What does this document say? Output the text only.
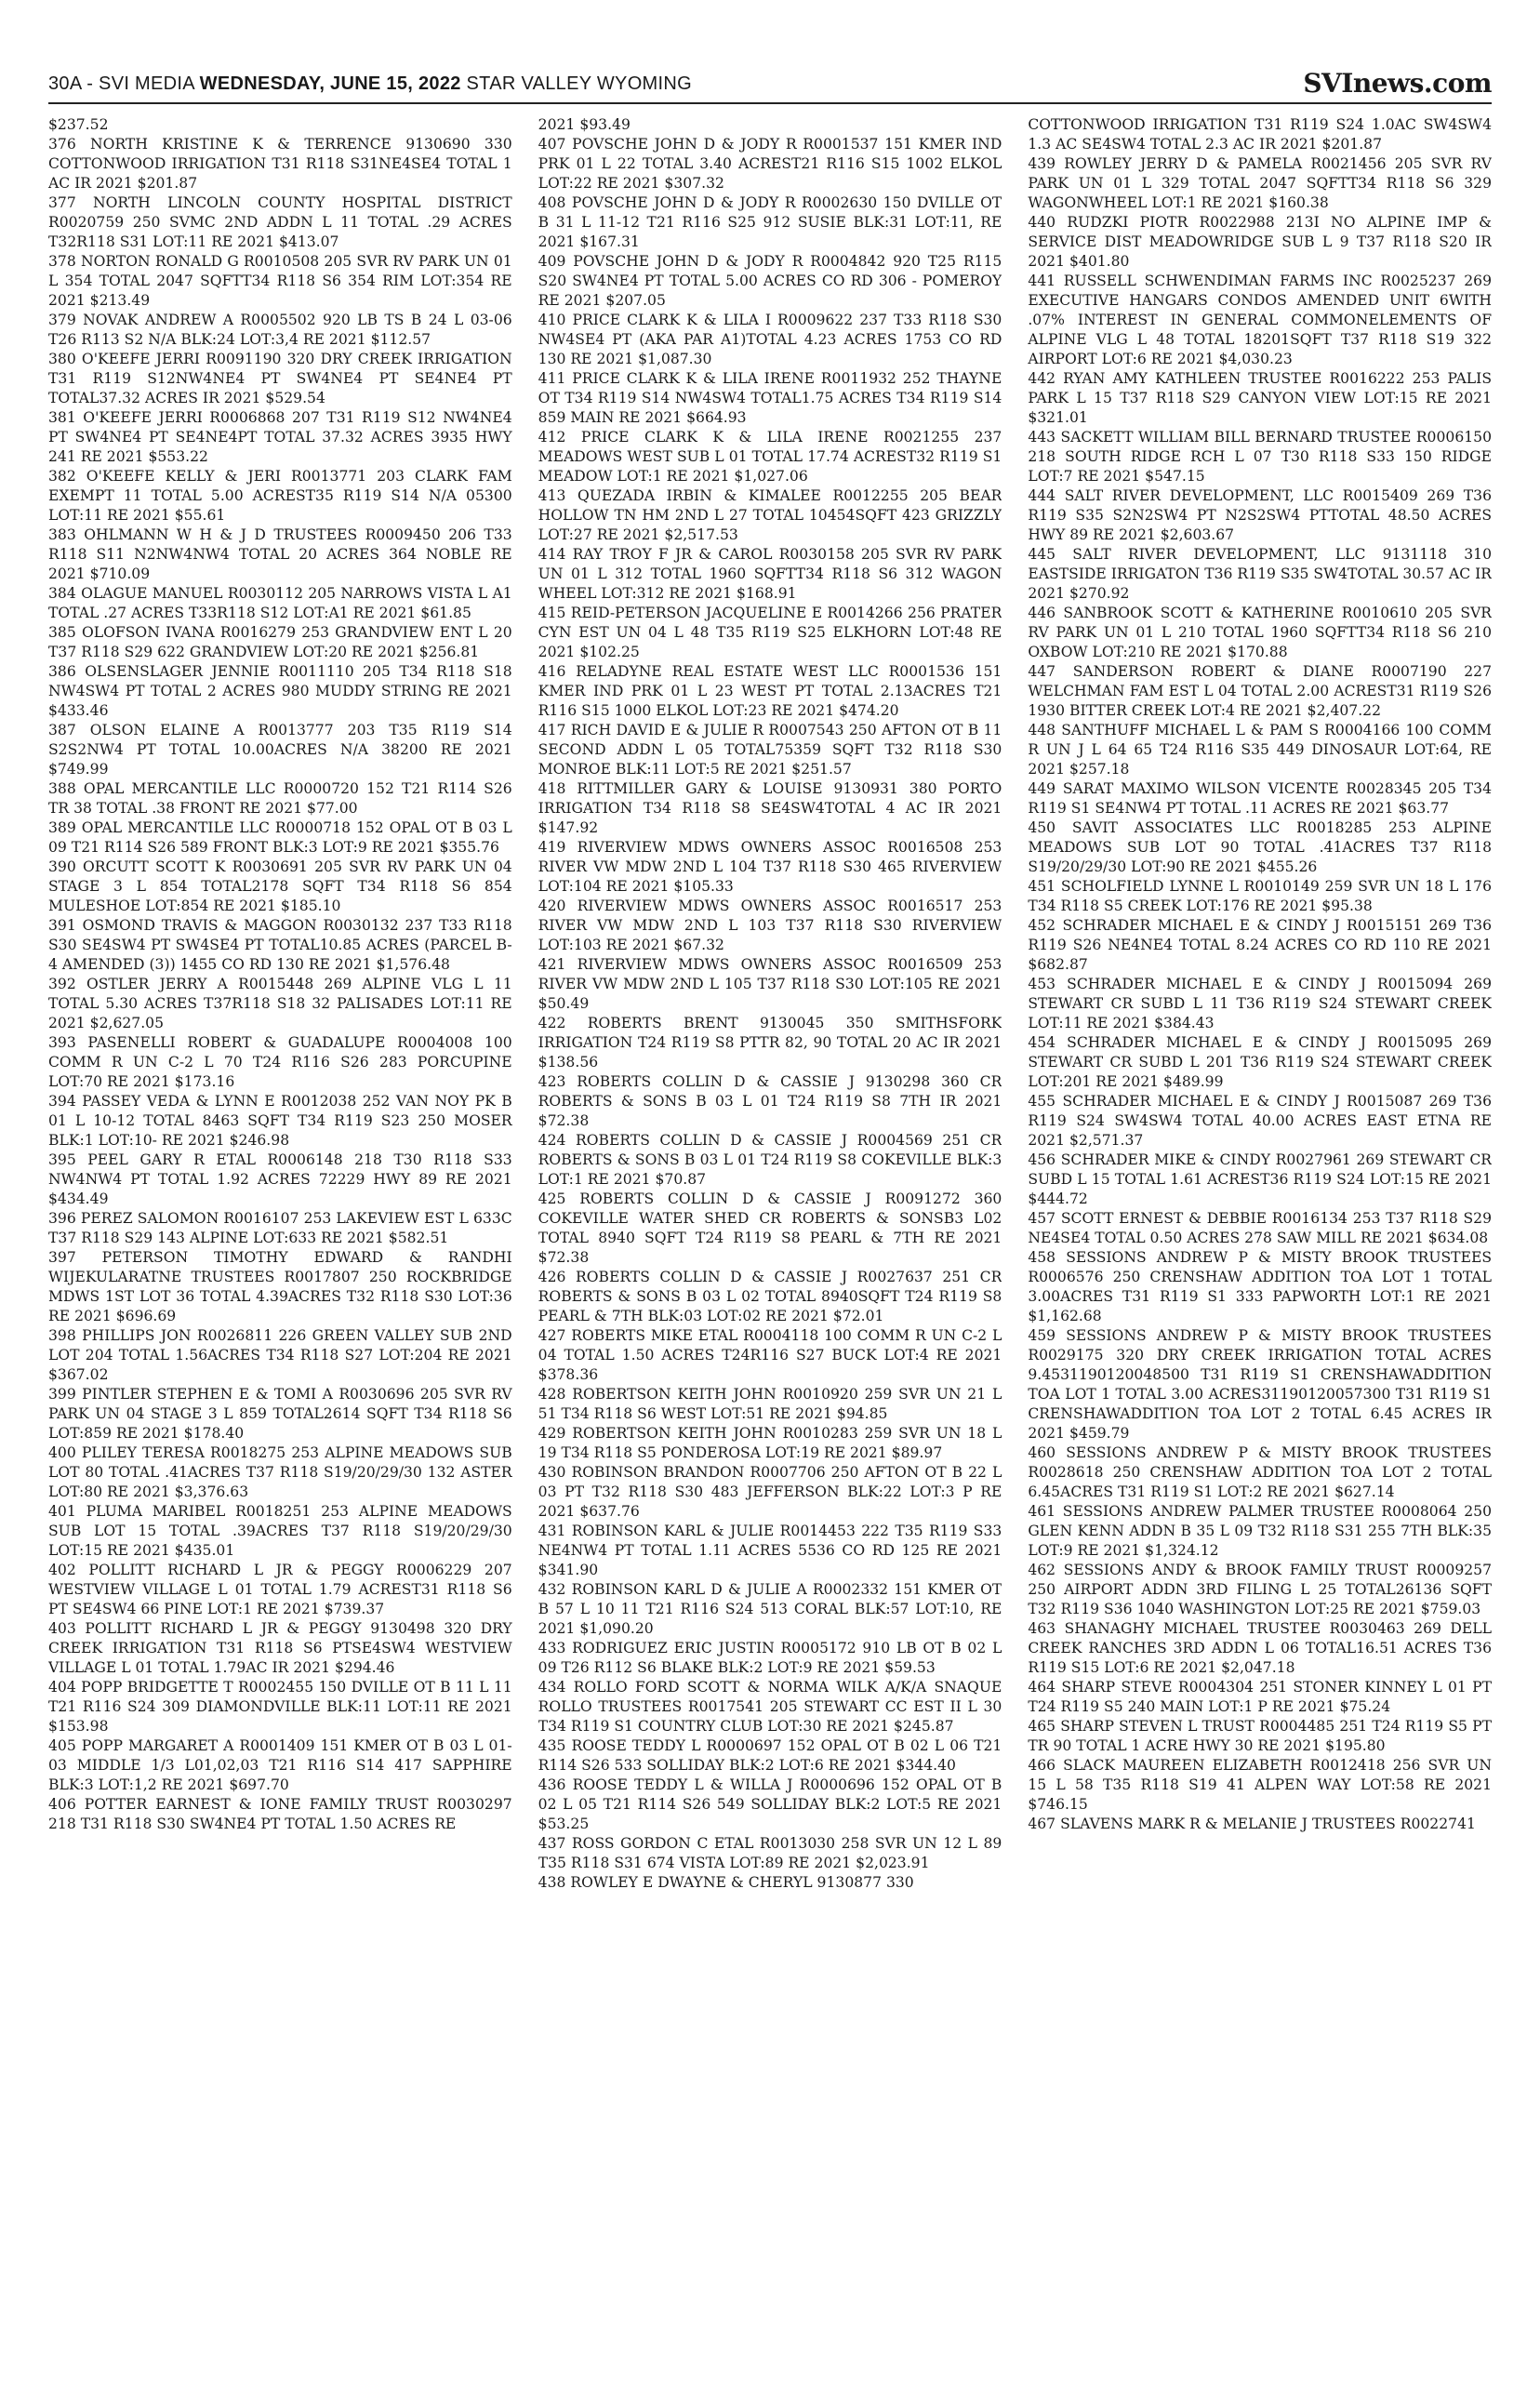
30A - SVI MEDIA WEDNESDAY, JUNE 15, 2022 STAR VALLEY WYOMING	SVInews.com

$237.52

376 NORTH KRISTINE K & TERRENCE 9130690 330 COTTONWOOD IRRIGATION T31 R118 S31NE4SE4 TOTAL 1 AC IR 2021 $201.87

377 NORTH LINCOLN COUNTY HOSPITAL DISTRICT R0020759 250 SVMC 2ND ADDN L 11 TOTAL .29 ACRES T32R118 S31 LOT:11 RE 2021 $413.07

378 NORTON RONALD G R0010508 205 SVR RV PARK UN 01 L 354 TOTAL 2047 SQFTT34 R118 S6 354 RIM LOT:354 RE 2021 $213.49

379 NOVAK ANDREW A R0005502 920 LB TS B 24 L 03-06 T26 R113 S2 N/A BLK:24 LOT:3,4 RE 2021 $112.57

380 O'KEEFE JERRI R0091190 320 DRY CREEK IRRIGATION T31 R119 S12NW4NE4 PT SW4NE4 PT SE4NE4 PT TOTAL37.32 ACRES IR 2021 $529.54

381 O'KEEFE JERRI R0006868 207 T31 R119 S12 NW4NE4 PT SW4NE4 PT SE4NE4PT TOTAL 37.32 ACRES 3935 HWY 241 RE 2021 $553.22

382 O'KEEFE KELLY & JERI R0013771 203 CLARK FAM EXEMPT 11 TOTAL 5.00 ACREST35 R119 S14 N/A 05300 LOT:11 RE 2021 $55.61

383 OHLMANN W H & J D TRUSTEES R0009450 206 T33 R118 S11 N2NW4NW4 TOTAL 20 ACRES 364 NOBLE RE 2021 $710.09

384 OLAGUE MANUEL R0030112 205 NARROWS VISTA L A1 TOTAL .27 ACRES T33R118 S12 LOT:A1 RE 2021 $61.85

385 OLOFSON IVANA R0016279 253 GRANDVIEW ENT L 20 T37 R118 S29 622 GRANDVIEW LOT:20 RE 2021 $256.81

386 OLSENSLAGER JENNIE R0011110 205 T34 R118 S18 NW4SW4 PT TOTAL 2 ACRES 980 MUDDY STRING RE 2021 $433.46

387 OLSON ELAINE A R0013777 203 T35 R119 S14 S2S2NW4 PT TOTAL 10.00ACRES N/A 38200 RE 2021 $749.99

388 OPAL MERCANTILE LLC R0000720 152 T21 R114 S26 TR 38 TOTAL .38 FRONT RE 2021 $77.00

389 OPAL MERCANTILE LLC R0000718 152 OPAL OT B 03 L 09 T21 R114 S26 589 FRONT BLK:3 LOT:9 RE 2021 $355.76

390 ORCUTT SCOTT K R0030691 205 SVR RV PARK UN 04 STAGE 3 L 854 TOTAL2178 SQFT T34 R118 S6 854 MULESHOE LOT:854 RE 2021 $185.10

391 OSMOND TRAVIS & MAGGON R0030132 237 T33 R118 S30 SE4SW4 PT SW4SE4 PT TOTAL10.85 ACRES (PARCEL B-4 AMENDED (3)) 1455 CO RD 130 RE 2021 $1,576.48

392 OSTLER JERRY A R0015448 269 ALPINE VLG L 11 TOTAL 5.30 ACRES T37R118 S18 32 PALISADES LOT:11 RE 2021 $2,627.05

393 PASENELLI ROBERT & GUADALUPE R0004008 100 COMM R UN C-2 L 70 T24 R116 S26 283 PORCUPINE LOT:70 RE 2021 $173.16

394 PASSEY VEDA & LYNN E R0012038 252 VAN NOY PK B 01 L 10-12 TOTAL 8463 SQFT T34 R119 S23 250 MOSER BLK:1 LOT:10- RE 2021 $246.98

395 PEEL GARY R ETAL R0006148 218 T30 R118 S33 NW4NW4 PT TOTAL 1.92 ACRES 72229 HWY 89 RE 2021 $434.49

396 PEREZ SALOMON R0016107 253 LAKEVIEW EST L 633C T37 R118 S29 143 ALPINE LOT:633 RE 2021 $582.51

397 PETERSON TIMOTHY EDWARD & RANDHI WIJEKULARATNE TRUSTEES R0017807 250 ROCKBRIDGE MDWS 1ST LOT 36 TOTAL 4.39ACRES T32 R118 S30 LOT:36 RE 2021 $696.69

398 PHILLIPS JON R0026811 226 GREEN VALLEY SUB 2ND LOT 204 TOTAL 1.56ACRES T34 R118 S27 LOT:204 RE 2021 $367.02

399 PINTLER STEPHEN E & TOMI A R0030696 205 SVR RV PARK UN 04 STAGE 3 L 859 TOTAL2614 SQFT T34 R118 S6 LOT:859 RE 2021 $178.40

400 PLILEY TERESA R0018275 253 ALPINE MEADOWS SUB LOT 80 TOTAL .41ACRES T37 R118 S19/20/29/30 132 ASTER LOT:80 RE 2021 $3,376.63

401 PLUMA MARIBEL R0018251 253 ALPINE MEADOWS SUB LOT 15 TOTAL .39ACRES T37 R118 S19/20/29/30 LOT:15 RE 2021 $435.01

402 POLLITT RICHARD L JR & PEGGY R0006229 207 WESTVIEW VILLAGE L 01 TOTAL 1.79 ACREST31 R118 S6 PT SE4SW4 66 PINE LOT:1 RE 2021 $739.37

403 POLLITT RICHARD L JR & PEGGY 9130498 320 DRY CREEK IRRIGATION T31 R118 S6 PTSE4SW4 WESTVIEW VILLAGE L 01 TOTAL 1.79AC IR 2021 $294.46

404 POPP BRIDGETTE T R0002455 150 DVILLE OT B 11 L 11 T21 R116 S24 309 DIAMONDVILLE BLK:11 LOT:11 RE 2021 $153.98

405 POPP MARGARET A R0001409 151 KMER OT B 03 L 01-03 MIDDLE 1/3 L01,02,03 T21 R116 S14 417 SAPPHIRE BLK:3 LOT:1,2 RE 2021 $697.70

406 POTTER EARNEST & IONE FAMILY TRUST R0030297 218 T31 R118 S30 SW4NE4 PT TOTAL 1.50 ACRES RE

2021 $93.49

407 POVSCHE JOHN D & JODY R R0001537 151 KMER IND PRK 01 L 22 TOTAL 3.40 ACREST21 R116 S15 1002 ELKOL LOT:22 RE 2021 $307.32

408 POVSCHE JOHN D & JODY R R0002630 150 DVILLE OT B 31 L 11-12 T21 R116 S25 912 SUSIE BLK:31 LOT:11, RE 2021 $167.31

409 POVSCHE JOHN D & JODY R R0004842 920 T25 R115 S20 SW4NE4 PT TOTAL 5.00 ACRES CO RD 306 - POMEROY RE 2021 $207.05

410 PRICE CLARK K & LILA I R0009622 237 T33 R118 S30 NW4SE4 PT (AKA PAR A1)TOTAL 4.23 ACRES 1753 CO RD 130 RE 2021 $1,087.30

411 PRICE CLARK K & LILA IRENE R0011932 252 THAYNE OT T34 R119 S14 NW4SW4 TOTAL1.75 ACRES T34 R119 S14 859 MAIN RE 2021 $664.93

412 PRICE CLARK K & LILA IRENE R0021255 237 MEADOWS WEST SUB L 01 TOTAL 17.74 ACREST32 R119 S1 MEADOW LOT:1 RE 2021 $1,027.06

413 QUEZADA IRBIN & KIMALEE R0012255 205 BEAR HOLLOW TN HM 2ND L 27 TOTAL 10454SQFT 423 GRIZZLY LOT:27 RE 2021 $2,517.53

414 RAY TROY F JR & CAROL R0030158 205 SVR RV PARK UN 01 L 312 TOTAL 1960 SQFTT34 R118 S6 312 WAGON WHEEL LOT:312 RE 2021 $168.91

415 REID-PETERSON JACQUELINE E R0014266 256 PRATER CYN EST UN 04 L 48 T35 R119 S25 ELKHORN LOT:48 RE 2021 $102.25

416 RELADYNE REAL ESTATE WEST LLC R0001536 151 KMER IND PRK 01 L 23 WEST PT TOTAL 2.13ACRES T21 R116 S15 1000 ELKOL LOT:23 RE 2021 $474.20

417 RICH DAVID E & JULIE R R0007543 250 AFTON OT B 11 SECOND ADDN L 05 TOTAL75359 SQFT T32 R118 S30 MONROE BLK:11 LOT:5 RE 2021 $251.57

418 RITTMILLER GARY & LOUISE 9130931 380 PORTO IRRIGATION T34 R118 S8 SE4SW4TOTAL 4 AC IR 2021 $147.92

419 RIVERVIEW MDWS OWNERS ASSOC R0016508 253 RIVER VW MDW 2ND L 104 T37 R118 S30 465 RIVERVIEW LOT:104 RE 2021 $105.33

420 RIVERVIEW MDWS OWNERS ASSOC R0016517 253 RIVER VW MDW 2ND L 103 T37 R118 S30 RIVERVIEW LOT:103 RE 2021 $67.32

421 RIVERVIEW MDWS OWNERS ASSOC R0016509 253 RIVER VW MDW 2ND L 105 T37 R118 S30 LOT:105 RE 2021 $50.49

422 ROBERTS BRENT 9130045 350 SMITHSFORK IRRIGATION T24 R119 S8 PTTR 82, 90 TOTAL 20 AC IR 2021 $138.56

423 ROBERTS COLLIN D & CASSIE J 9130298 360 CR ROBERTS & SONS B 03 L 01 T24 R119 S8 7TH IR 2021 $72.38

424 ROBERTS COLLIN D & CASSIE J R0004569 251 CR ROBERTS & SONS B 03 L 01 T24 R119 S8 COKEVILLE BLK:3 LOT:1 RE 2021 $70.87

425 ROBERTS COLLIN D & CASSIE J R0091272 360 COKEVILLE WATER SHED CR ROBERTS & SONSB3 L02 TOTAL 8940 SQFT T24 R119 S8 PEARL & 7TH RE 2021 $72.38

426 ROBERTS COLLIN D & CASSIE J R0027637 251 CR ROBERTS & SONS B 03 L 02 TOTAL 8940SQFT T24 R119 S8 PEARL & 7TH BLK:03 LOT:02 RE 2021 $72.01

427 ROBERTS MIKE ETAL R0004118 100 COMM R UN C-2 L 04 TOTAL 1.50 ACRES T24R116 S27 BUCK LOT:4 RE 2021 $378.36

428 ROBERTSON KEITH JOHN R0010920 259 SVR UN 21 L 51 T34 R118 S6 WEST LOT:51 RE 2021 $94.85

429 ROBERTSON KEITH JOHN R0010283 259 SVR UN 18 L 19 T34 R118 S5 PONDEROSA LOT:19 RE 2021 $89.97

430 ROBINSON BRANDON R0007706 250 AFTON OT B 22 L 03 PT T32 R118 S30 483 JEFFERSON BLK:22 LOT:3 P RE 2021 $637.76

431 ROBINSON KARL & JULIE R0014453 222 T35 R119 S33 NE4NW4 PT TOTAL 1.11 ACRES 5536 CO RD 125 RE 2021 $341.90

432 ROBINSON KARL D & JULIE A R0002332 151 KMER OT B 57 L 10 11 T21 R116 S24 513 CORAL BLK:57 LOT:10, RE 2021 $1,090.20

433 RODRIGUEZ ERIC JUSTIN R0005172 910 LB OT B 02 L 09 T26 R112 S6 BLAKE BLK:2 LOT:9 RE 2021 $59.53

434 ROLLO FORD SCOTT & NORMA WILK A/K/A SNAQUE ROLLO TRUSTEES R0017541 205 STEWART CC EST II L 30 T34 R119 S1 COUNTRY CLUB LOT:30 RE 2021 $245.87

435 ROOSE TEDDY L R0000697 152 OPAL OT B 02 L 06 T21 R114 S26 533 SOLLIDAY BLK:2 LOT:6 RE 2021 $344.40

436 ROOSE TEDDY L & WILLA J R0000696 152 OPAL OT B 02 L 05 T21 R114 S26 549 SOLLIDAY BLK:2 LOT:5 RE 2021 $53.25

437 ROSS GORDON C ETAL R0013030 258 SVR UN 12 L 89 T35 R118 S31 674 VISTA LOT:89 RE 2021 $2,023.91

438 ROWLEY E DWAYNE & CHERYL 9130877 330

COTTONWOOD IRRIGATION T31 R119 S24 1.0AC SW4SW4 1.3 AC SE4SW4 TOTAL 2.3 AC IR 2021 $201.87

439 ROWLEY JERRY D & PAMELA R0021456 205 SVR RV PARK UN 01 L 329 TOTAL 2047 SQFTT34 R118 S6 329 WAGONWHEEL LOT:1 RE 2021 $160.38

440 RUDZKI PIOTR R0022988 213I NO ALPINE IMP & SERVICE DIST MEADOWRIDGE SUB L 9 T37 R118 S20 IR 2021 $401.80

441 RUSSELL SCHWENDIMAN FARMS INC R0025237 269 EXECUTIVE HANGARS CONDOS AMENDED UNIT 6WITH .07% INTEREST IN GENERAL COMMONELEMENTS OF ALPINE VLG L 48 TOTAL 18201SQFT T37 R118 S19 322 AIRPORT LOT:6 RE 2021 $4,030.23

442 RYAN AMY KATHLEEN TRUSTEE R0016222 253 PALIS PARK L 15 T37 R118 S29 CANYON VIEW LOT:15 RE 2021 $321.01

443 SACKETT WILLIAM BILL BERNARD TRUSTEE R0006150 218 SOUTH RIDGE RCH L 07 T30 R118 S33 150 RIDGE LOT:7 RE 2021 $547.15

444 SALT RIVER DEVELOPMENT, LLC R0015409 269 T36 R119 S35 S2N2SW4 PT N2S2SW4 PTTOTAL 48.50 ACRES HWY 89 RE 2021 $2,603.67

445 SALT RIVER DEVELOPMENT, LLC 9131118 310 EASTSIDE IRRIGATON T36 R119 S35 SW4TOTAL 30.57 AC IR 2021 $270.92

446 SANBROOK SCOTT & KATHERINE R0010610 205 SVR RV PARK UN 01 L 210 TOTAL 1960 SQFTT34 R118 S6 210 OXBOW LOT:210 RE 2021 $170.88

447 SANDERSON ROBERT & DIANE R0007190 227 WELCHMAN FAM EST L 04 TOTAL 2.00 ACREST31 R119 S26 1930 BITTER CREEK LOT:4 RE 2021 $2,407.22

448 SANTHUFF MICHAEL L & PAM S R0004166 100 COMM R UN J L 64 65 T24 R116 S35 449 DINOSAUR LOT:64, RE 2021 $257.18

449 SARAT MAXIMO WILSON VICENTE R0028345 205 T34 R119 S1 SE4NW4 PT TOTAL .11 ACRES RE 2021 $63.77

450 SAVIT ASSOCIATES LLC R0018285 253 ALPINE MEADOWS SUB LOT 90 TOTAL .41ACRES T37 R118 S19/20/29/30 LOT:90 RE 2021 $455.26

451 SCHOLFIELD LYNNE L R0010149 259 SVR UN 18 L 176 T34 R118 S5 CREEK LOT:176 RE 2021 $95.38

452 SCHRADER MICHAEL E & CINDY J R0015151 269 T36 R119 S26 NE4NE4 TOTAL 8.24 ACRES CO RD 110 RE 2021 $682.87

453 SCHRADER MICHAEL E & CINDY J R0015094 269 STEWART CR SUBD L 11 T36 R119 S24 STEWART CREEK LOT:11 RE 2021 $384.43

454 SCHRADER MICHAEL E & CINDY J R0015095 269 STEWART CR SUBD L 201 T36 R119 S24 STEWART CREEK LOT:201 RE 2021 $489.99

455 SCHRADER MICHAEL E & CINDY J R0015087 269 T36 R119 S24 SW4SW4 TOTAL 40.00 ACRES EAST ETNA RE 2021 $2,571.37

456 SCHRADER MIKE & CINDY R0027961 269 STEWART CR SUBD L 15 TOTAL 1.61 ACREST36 R119 S24 LOT:15 RE 2021 $444.72

457 SCOTT ERNEST & DEBBIE R0016134 253 T37 R118 S29 NE4SE4 TOTAL 0.50 ACRES 278 SAW MILL RE 2021 $634.08

458 SESSIONS ANDREW P & MISTY BROOK TRUSTEES R0006576 250 CRENSHAW ADDITION TOA LOT 1 TOTAL 3.00ACRES T31 R119 S1 333 PAPWORTH LOT:1 RE 2021 $1,162.68

459 SESSIONS ANDREW P & MISTY BROOK TRUSTEES R0029175 320 DRY CREEK IRRIGATION TOTAL ACRES 9.4531190120048500 T31 R119 S1 CRENSHAWADDITION TOA LOT 1 TOTAL 3.00 ACRES31190120057300 T31 R119 S1 CRENSHAWADDITION TOA LOT 2 TOTAL 6.45 ACRES IR 2021 $459.79

460 SESSIONS ANDREW P & MISTY BROOK TRUSTEES R0028618 250 CRENSHAW ADDITION TOA LOT 2 TOTAL 6.45ACRES T31 R119 S1 LOT:2 RE 2021 $627.14

461 SESSIONS ANDREW PALMER TRUSTEE R0008064 250 GLEN KENN ADDN B 35 L 09 T32 R118 S31 255 7TH BLK:35 LOT:9 RE 2021 $1,324.12

462 SESSIONS ANDY & BROOK FAMILY TRUST R0009257 250 AIRPORT ADDN 3RD FILING L 25 TOTAL26136 SQFT T32 R119 S36 1040 WASHINGTON LOT:25 RE 2021 $759.03

463 SHANAGHY MICHAEL TRUSTEE R0030463 269 DELL CREEK RANCHES 3RD ADDN L 06 TOTAL16.51 ACRES T36 R119 S15 LOT:6 RE 2021 $2,047.18

464 SHARP STEVE R0004304 251 STONER KINNEY L 01 PT T24 R119 S5 240 MAIN LOT:1 P RE 2021 $75.24

465 SHARP STEVEN L TRUST R0004485 251 T24 R119 S5 PT TR 90 TOTAL 1 ACRE HWY 30 RE 2021 $195.80

466 SLACK MAUREEN ELIZABETH R0012418 256 SVR UN 15 L 58 T35 R118 S19 41 ALPEN WAY LOT:58 RE 2021 $746.15

467 SLAVENS MARK R & MELANIE J TRUSTEES R0022741
